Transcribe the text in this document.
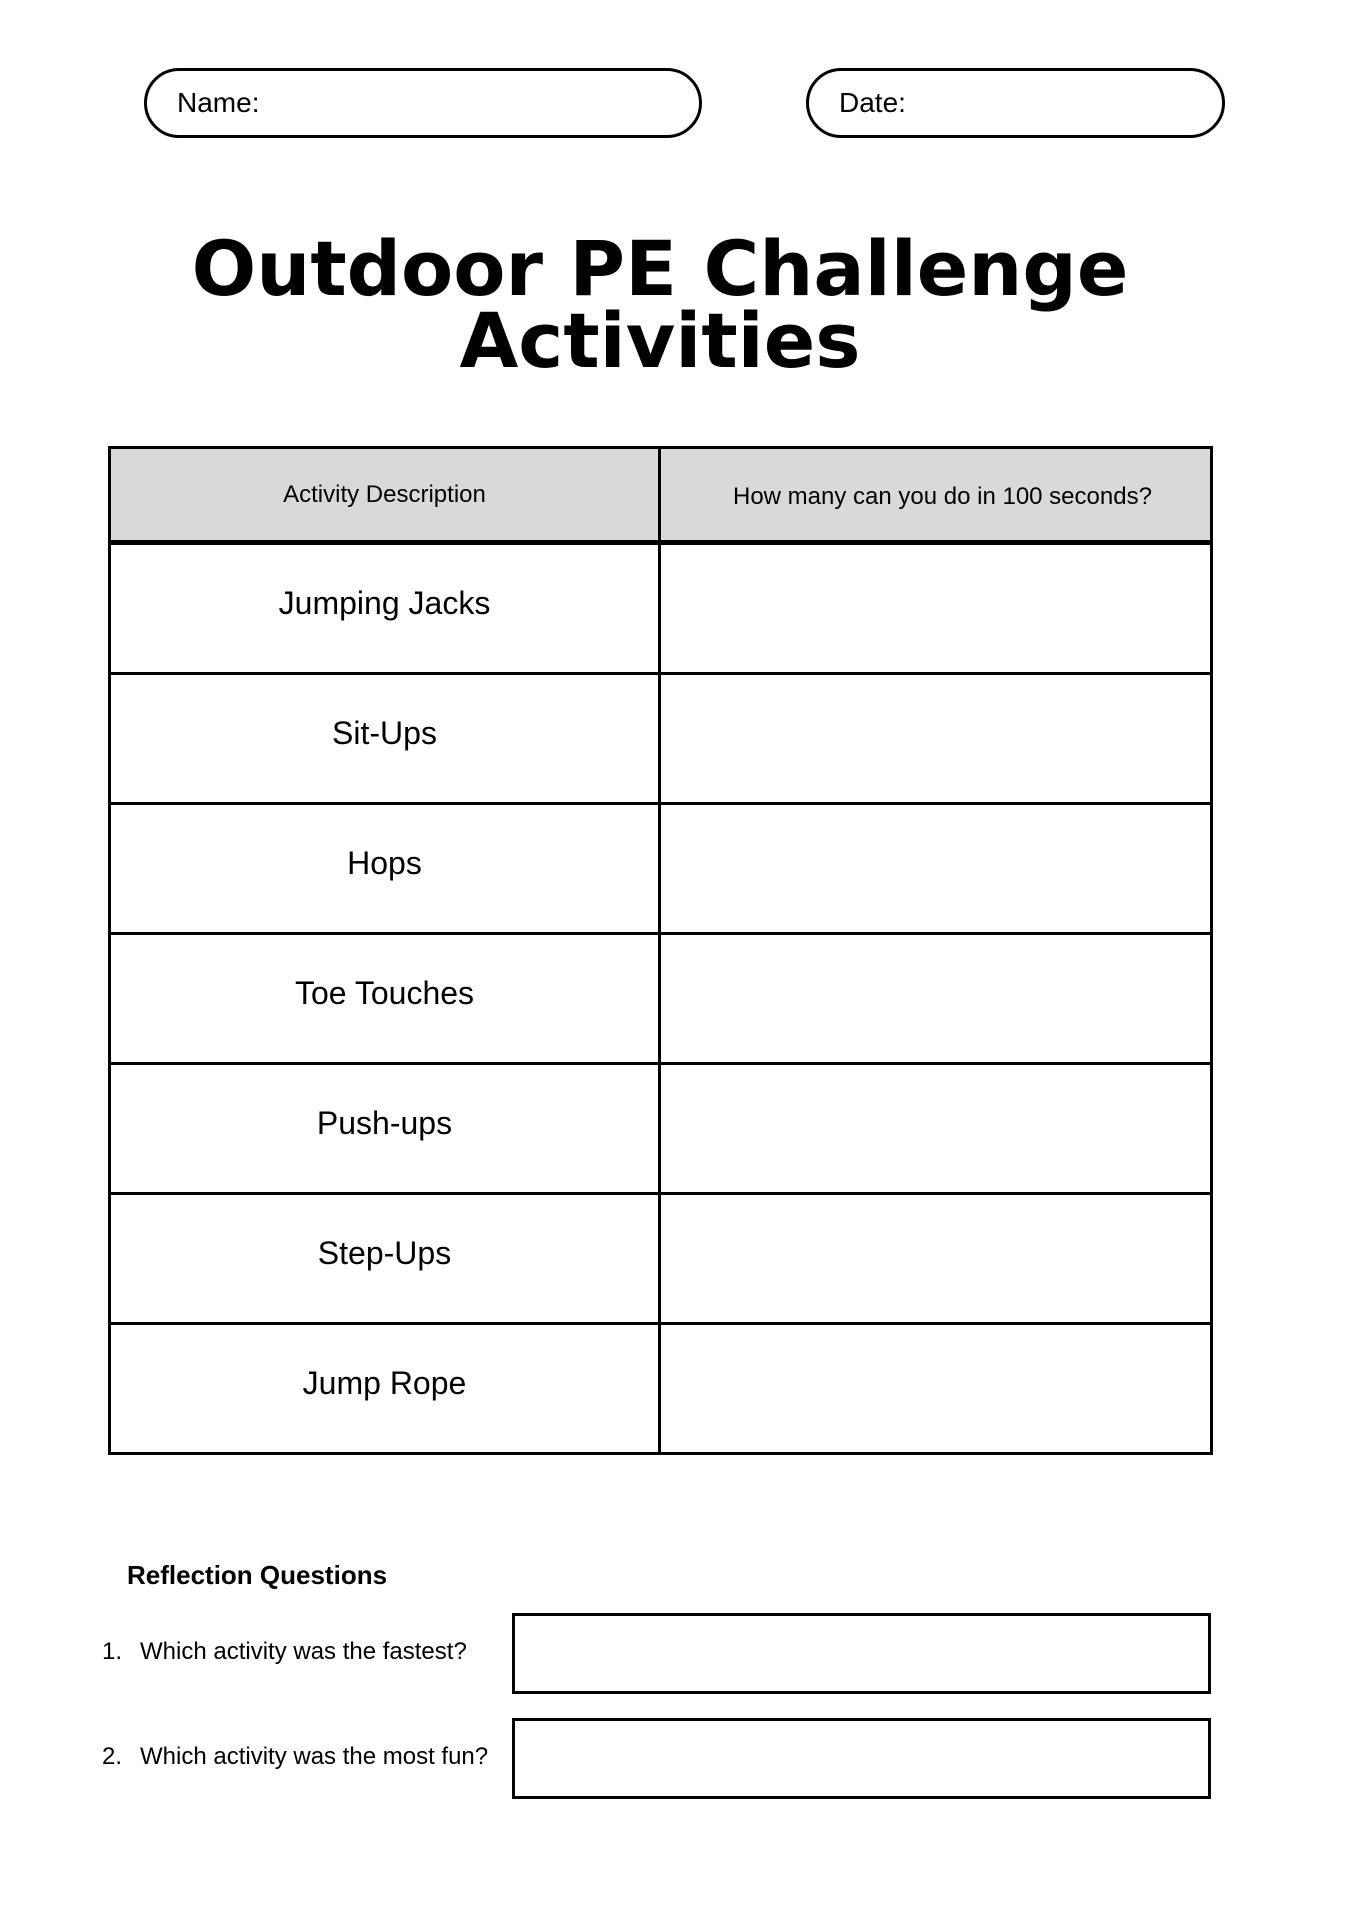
Name:	Date:
Outdoor PE Challenge
Activities
Activity Description	How many can you do in 100 seconds?
Jumping Jacks	
Sit-Ups	
Hops	
Toe Touches	
Push-ups	
Step-Ups	
Jump Rope	
Reflection Questions
1. Which activity was the fastest?
2. Which activity was the most fun?
